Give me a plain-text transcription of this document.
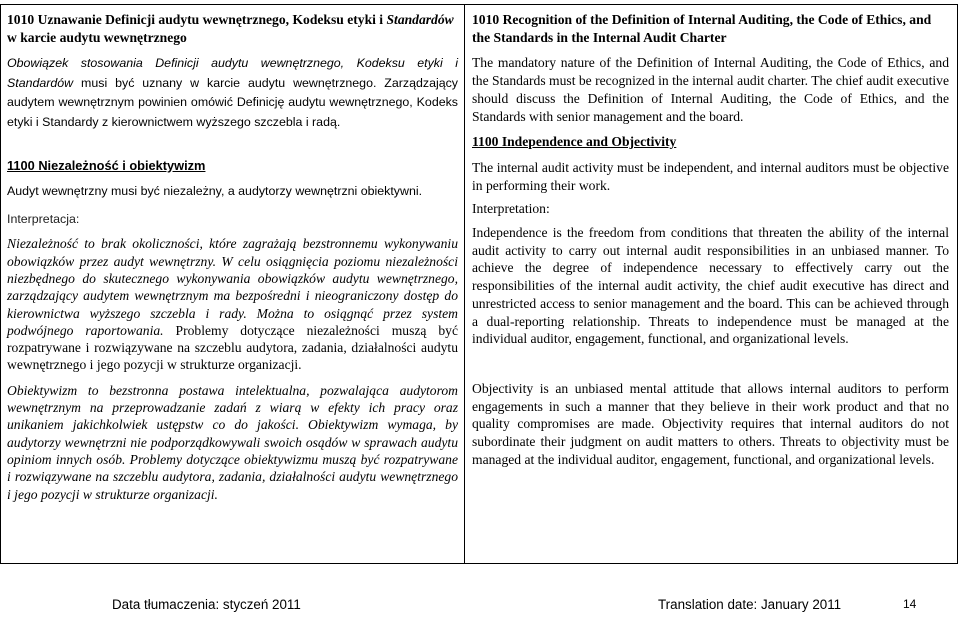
1010 Uznawanie Definicji audytu wewnętrznego, Kodeksu etyki i Standardów w karcie audytu wewnętrznego

Obowiązek stosowania Definicji audytu wewnętrznego, Kodeksu etyki i Standardów musi być uznany w karcie audytu wewnętrznego. Zarządzający audytem wewnętrznym powinien omówić Definicję audytu wewnętrznego, Kodeks etyki i Standardy z kierownictwem wyższego szczebla i radą.

1100 Niezależność i obiektywizm

Audyt wewnętrzny musi być niezależny, a audytorzy wewnętrzni obiektywni.

Interpretacja:

Niezależność to brak okoliczności, które zagrażają bezstronnemu wykonywaniu obowiązków przez audyt wewnętrzny. W celu osiągnięcia poziomu niezależności niezbędnego do skutecznego wykonywania obowiązków audytu wewnętrznego, zarządzający audytem wewnętrznym ma bezpośredni i nieograniczony dostęp do kierownictwa wyższego szczebla i rady. Można to osiągnąć przez system podwójnego raportowania. Problemy dotyczące niezależności muszą być rozpatrywane i rozwiązywane na szczeblu audytora, zadania, działalności audytu wewnętrznego i jego pozycji w strukturze organizacji.

Obiektywizm to bezstronna postawa intelektualna, pozwalająca audytorom wewnętrznym na przeprowadzanie zadań z wiarą w efekty ich pracy oraz unikaniem jakichkolwiek ustępstw co do jakości. Obiektywizm wymaga, by audytorzy wewnętrzni nie podporządkowywali swoich osądów w sprawach audytu opiniom innych osób. Problemy dotyczące obiektywizmu muszą być rozpatrywane i rozwiązywane na szczeblu audytora, zadania, działalności audytu wewnętrznego i jego pozycji w strukturze organizacji.

1010 Recognition of the Definition of Internal Auditing, the Code of Ethics, and the Standards in the Internal Audit Charter

The mandatory nature of the Definition of Internal Auditing, the Code of Ethics, and the Standards must be recognized in the internal audit charter. The chief audit executive should discuss the Definition of Internal Auditing, the Code of Ethics, and the Standards with senior management and the board.

1100 Independence and Objectivity

The internal audit activity must be independent, and internal auditors must be objective in performing their work.

Interpretation:

Independence is the freedom from conditions that threaten the ability of the internal audit activity to carry out internal audit responsibilities in an unbiased manner. To achieve the degree of independence necessary to effectively carry out the responsibilities of the internal audit activity, the chief audit executive has direct and unrestricted access to senior management and the board. This can be achieved through a dual-reporting relationship. Threats to independence must be managed at the individual auditor, engagement, functional, and organizational levels.

Objectivity is an unbiased mental attitude that allows internal auditors to perform engagements in such a manner that they believe in their work product and that no quality compromises are made. Objectivity requires that internal auditors do not subordinate their judgment on audit matters to others. Threats to objectivity must be managed at the individual auditor, engagement, functional, and organizational levels.

Data tłumaczenia: styczeń 2011	Translation date: January 2011	14
